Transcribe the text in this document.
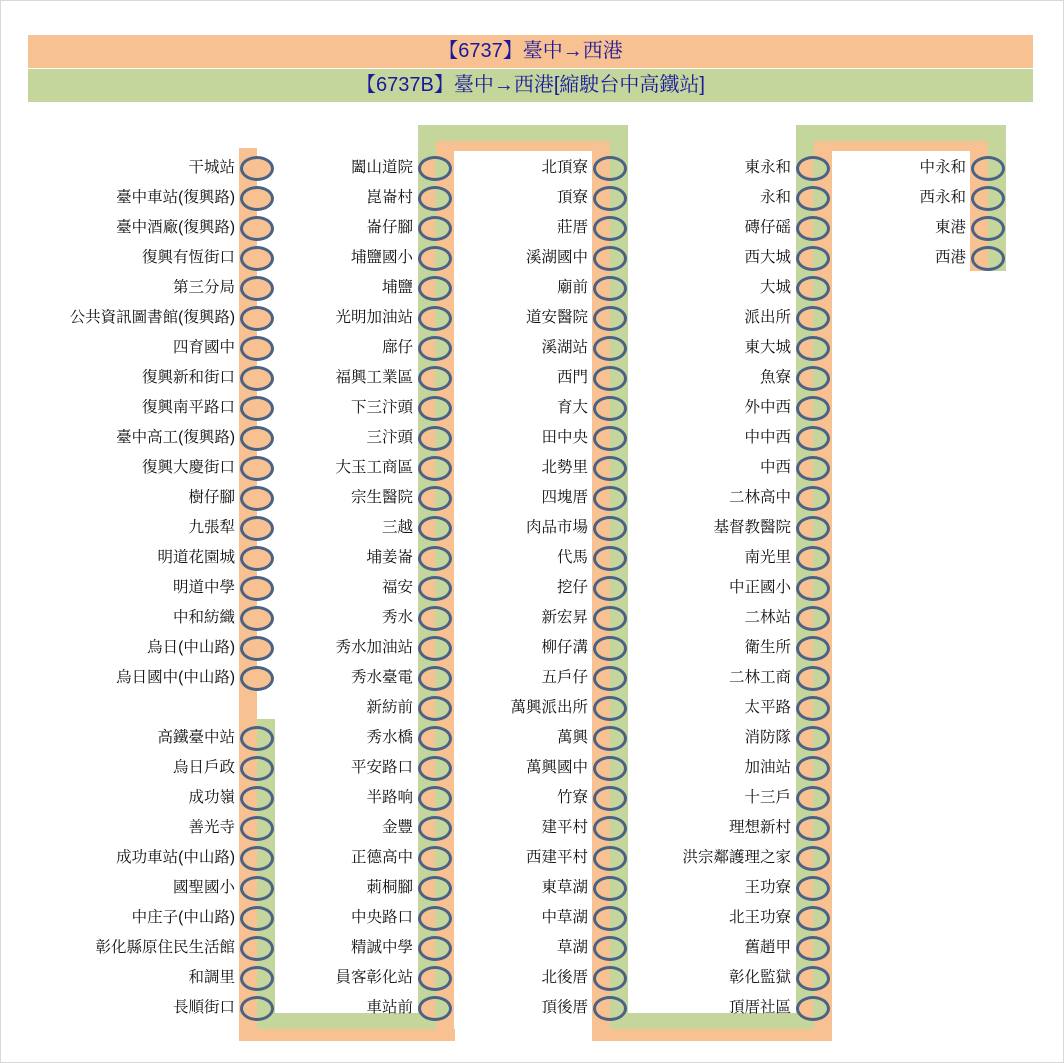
【6737】臺中→西港
【6737B】臺中→西港[縮駛台中高鐵站]
干城站
臺中車站(復興路)
臺中酒廠(復興路)
復興有恆街口
第三分局
公共資訊圖書館(復興路)
四育國中
復興新和街口
復興南平路口
臺中高工(復興路)
復興大慶街口
樹仔腳
九張犁
明道花園城
明道中學
中和紡織
烏日(中山路)
烏日國中(中山路)
高鐵臺中站
烏日戶政
成功嶺
善光寺
成功車站(中山路)
國聖國小
中庄子(中山路)
彰化縣原住民生活館
和調里
長順街口
闔山道院
崑崙村
崙仔腳
埔鹽國小
埔鹽
光明加油站
廍仔
福興工業區
下三汴頭
三汴頭
大玉工商區
宗生醫院
三越
埔姜崙
福安
秀水
秀水加油站
秀水臺電
新紡前
秀水橋
平安路口
半路响
金豐
正德高中
莿桐腳
中央路口
精誠中學
員客彰化站
車站前
北頂寮
頂寮
莊厝
溪湖國中
廟前
道安醫院
溪湖站
西門
育大
田中央
北勢里
四塊厝
肉品市場
代馬
挖仔
新宏昇
柳仔溝
五戶仔
萬興派出所
萬興
萬興國中
竹寮
建平村
西建平村
東草湖
中草湖
草湖
北後厝
頂後厝
東永和
永和
磚仔磘
西大城
大城
派出所
東大城
魚寮
外中西
中中西
中西
二林高中
基督教醫院
南光里
中正國小
二林站
衛生所
二林工商
太平路
消防隊
加油站
十三戶
理想新村
洪宗鄰護理之家
王功寮
北王功寮
舊趙甲
彰化監獄
頂厝社區
中永和
西永和
東港
西港
